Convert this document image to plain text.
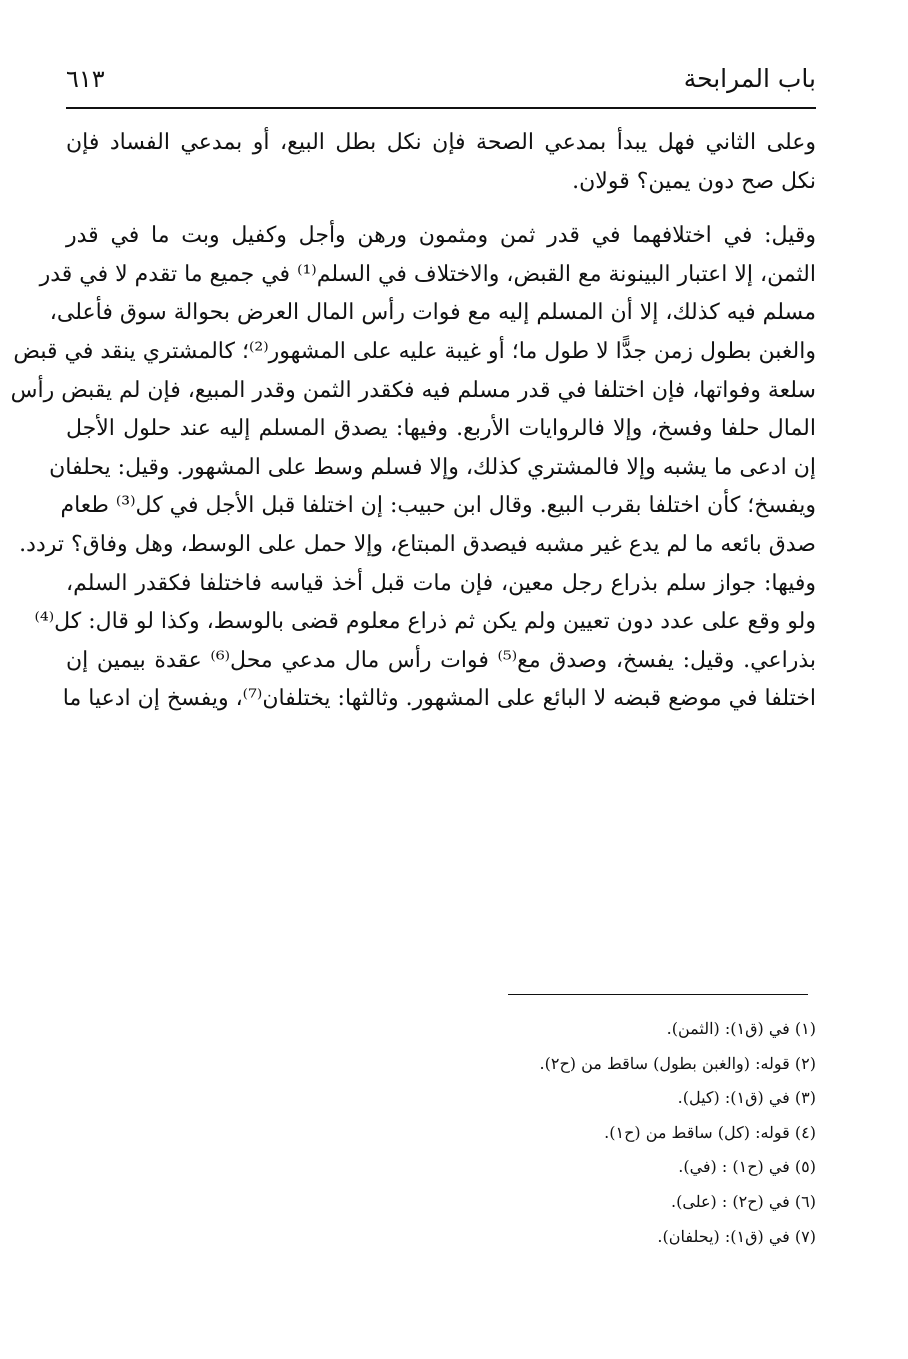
باب المرابحة
٦١٣
وعلى الثاني فهل يبدأ بمدعي الصحة فإن نكل بطل البيع، أو بمدعي الفساد فإن
نكل صح دون يمين؟ قولان.
وقيل: في اختلافهما في قدر ثمن ومثمون ورهن وأجل وكفيل وبت ما في قدر
الثمن، إلا اعتبار البينونة مع القبض، والاختلاف في السلم⁽¹⁾ في جميع ما تقدم لا في قدر
مسلم فيه كذلك، إلا أن المسلم إليه مع فوات رأس المال العرض بحوالة سوق فأعلى،
والغبن بطول زمن جدًّا لا طول ما؛ أو غيبة عليه على المشهور⁽²⁾؛ كالمشتري ينقد في قبض
سلعة وفواتها، فإن اختلفا في قدر مسلم فيه فكقدر الثمن وقدر المبيع، فإن لم يقبض رأس
المال حلفا وفسخ، وإلا فالروايات الأربع. وفيها: يصدق المسلم إليه عند حلول الأجل
إن ادعى ما يشبه وإلا فالمشتري كذلك، وإلا فسلم وسط على المشهور. وقيل: يحلفان
ويفسخ؛ كأن اختلفا بقرب البيع. وقال ابن حبيب: إن اختلفا قبل الأجل في كل⁽³⁾ طعام
صدق بائعه ما لم يدع غير مشبه فيصدق المبتاع، وإلا حمل على الوسط، وهل وفاق؟ تردد.
وفيها: جواز سلم بذراع رجل معين، فإن مات قبل أخذ قياسه فاختلفا فكقدر السلم،
ولو وقع على عدد دون تعيين ولم يكن ثم ذراع معلوم قضى بالوسط، وكذا لو قال: كل⁽⁴⁾
بذراعي. وقيل: يفسخ، وصدق مع⁽⁵⁾ فوات رأس مال مدعي محل⁽⁶⁾ عقدة بيمين إن
اختلفا في موضع قبضه لا البائع على المشهور. وثالثها: يختلفان⁽⁷⁾، ويفسخ إن ادعيا ما
(١) في (ق١): (الثمن).
(٢) قوله: (والغبن بطول) ساقط من (ح٢).
(٣) في (ق١): (كيل).
(٤) قوله: (كل) ساقط من (ح١).
(٥) في (ح١) : (في).
(٦) في (ح٢) : (على).
(٧) في (ق١): (يحلفان).
